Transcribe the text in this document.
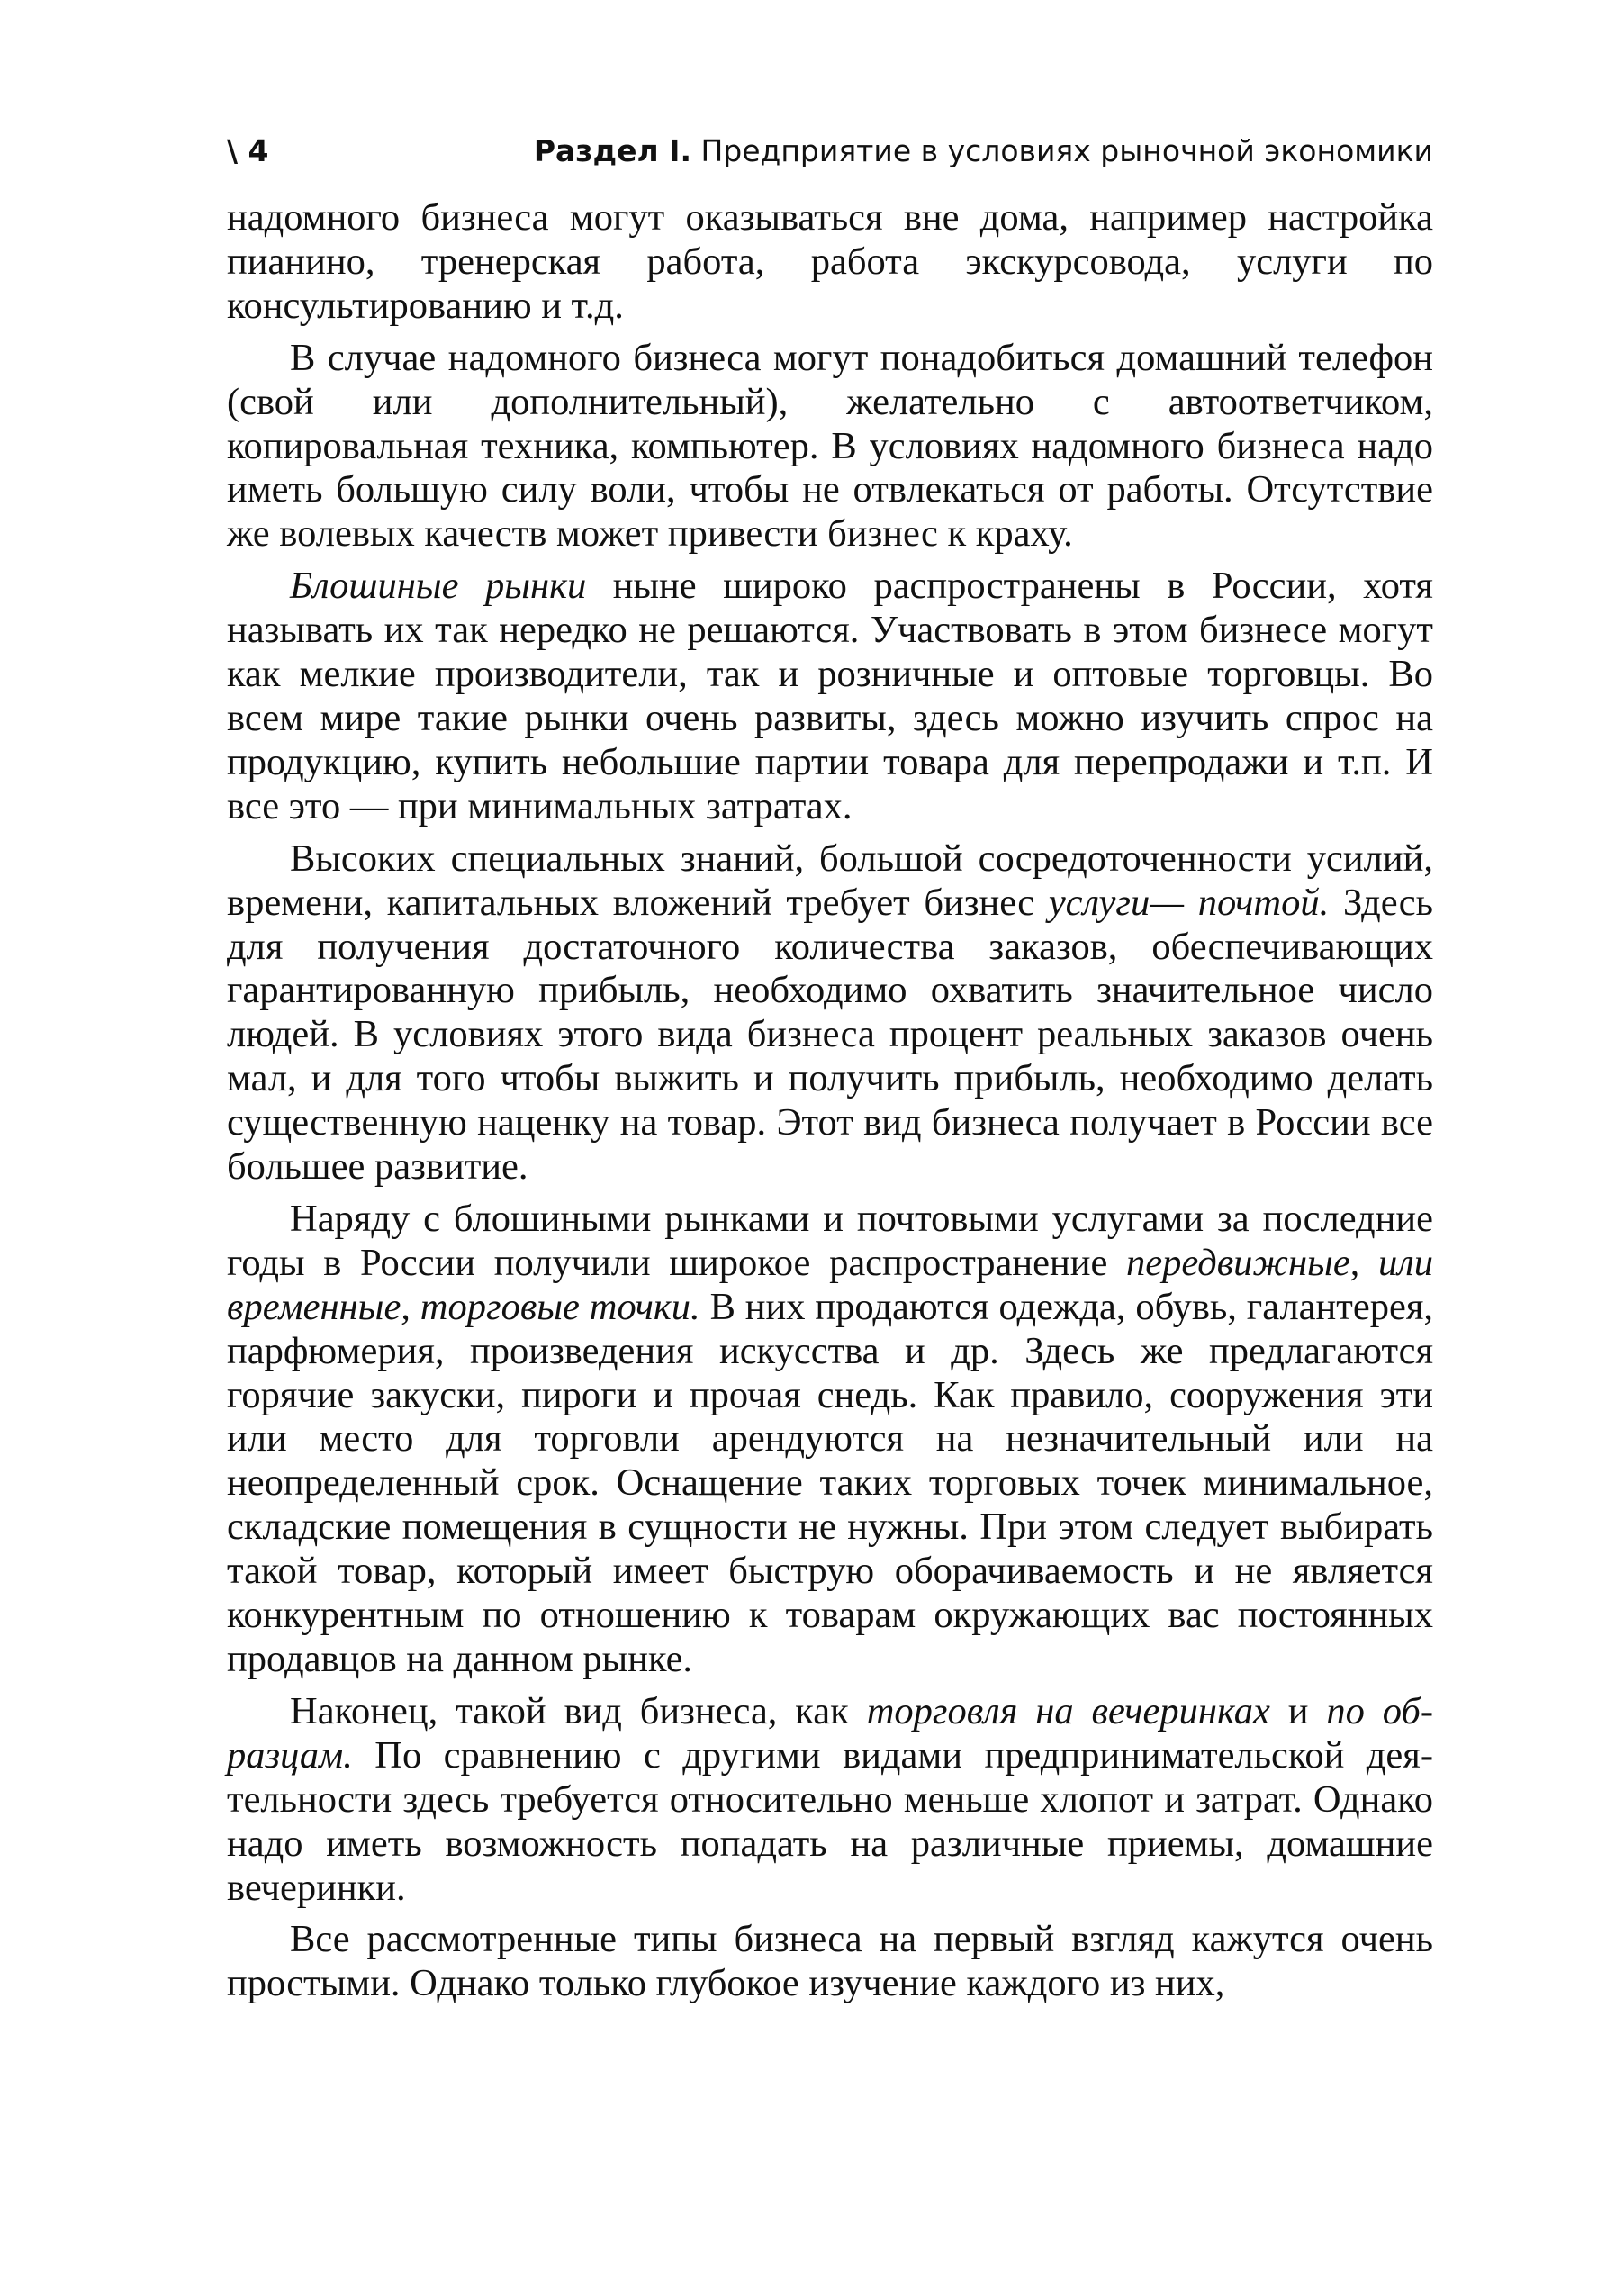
\ 4	Раздел I. Предприятие в условиях рыночной экономики

надомного бизнеса могут оказываться вне дома, например настройка пианино, тренерская работа, работа экскурсовода, услуги по консультированию и т.д.

В случае надомного бизнеса могут понадобиться домашний телефон (свой или дополнительный), желательно с автоответчиком, копировальная техника, компьютер. В условиях надомного бизнеса надо иметь большую силу воли, чтобы не отвлекаться от работы. Отсутствие же волевых качеств может привести бизнес к краху.

Блошиные рынки ныне широко распространены в России, хотя называть их так нередко не решаются. Участвовать в этом бизнесе могут как мелкие производители, так и розничные и оптовые торговцы. Во всем мире такие рынки очень развиты, здесь можно изучить спрос на продукцию, купить небольшие партии товара для перепродажи и т.п. И все это — при минимальных затратах.

Высоких специальных знаний, большой сосредоточенности усилий, времени, капитальных вложений требует бизнес услуги— почтой. Здесь для получения достаточного количества заказов, обеспечивающих гарантированную прибыль, необходимо охватить значительное число людей. В условиях этого вида бизнеса процент реальных заказов очень мал, и для того чтобы выжить и получить прибыль, необходимо делать существенную наценку на товар. Этот вид бизнеса получает в России все большее развитие.

Наряду с блошиными рынками и почтовыми услугами за последние годы в России получили широкое распространение передвижные, или временные, торговые точки. В них продаются одежда, обувь, галантерея, парфюмерия, произведения искусства и др. Здесь же предлагаются горячие закуски, пироги и прочая снедь. Как правило, сооружения эти или место для торговли арендуются на незначительный или на неопределенный срок. Оснащение таких торговых точек минимальное, складские помещения в сущности не нужны. При этом следует выбирать такой товар, который имеет быструю оборачиваемость и не является конкурентным по отношению к товарам окружающих вас постоянных продавцов на данном рынке.

Наконец, такой вид бизнеса, как торговля на вечеринках и по образцам. По сравнению с другими видами предпринимательской деятельности здесь требуется относительно меньше хлопот и затрат. Однако надо иметь возможность попадать на различные приемы, домашние вечеринки.

Все рассмотренные типы бизнеса на первый взгляд кажутся очень простыми. Однако только глубокое изучение каждого из них,
